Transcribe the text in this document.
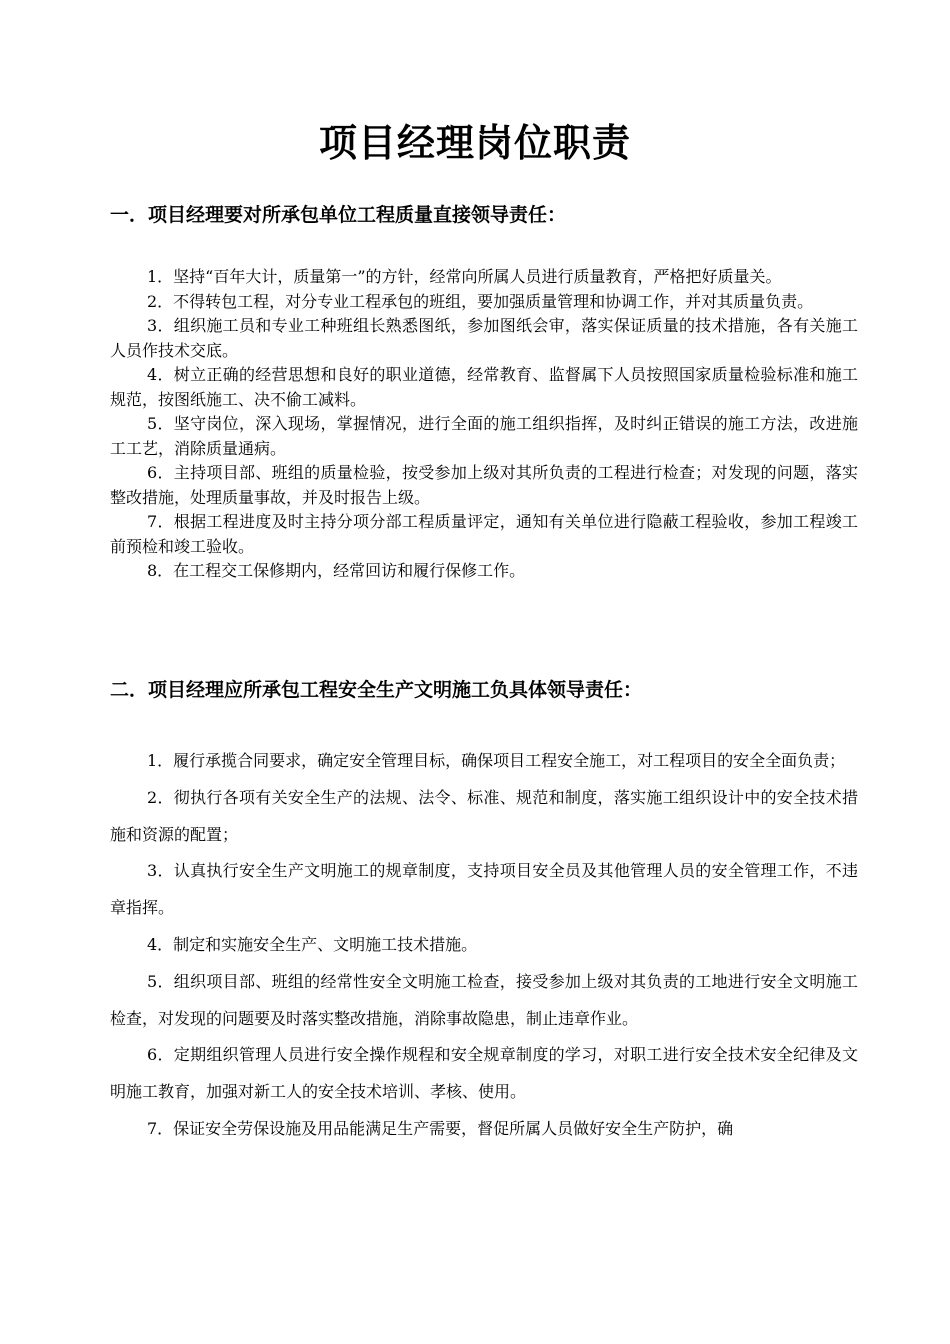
项目经理岗位职责
一．项目经理要对所承包单位工程质量直接领导责任：

1．坚持“百年大计，质量第一”的方针，经常向所属人员进行质量教育，严格把好质量关。

2．不得转包工程，对分专业工程承包的班组，要加强质量管理和协调工作，并对其质量负责。

3．组织施工员和专业工种班组长熟悉图纸，参加图纸会审，落实保证质量的技术措施，各有关施工人员作技术交底。

4．树立正确的经营思想和良好的职业道德，经常教育、监督属下人员按照国家质量检验标准和施工规范，按图纸施工、决不偷工减料。

5．坚守岗位，深入现场，掌握情况，进行全面的施工组织指挥，及时纠正错误的施工方法，改进施工工艺，消除质量通病。

6．主持项目部、班组的质量检验，按受参加上级对其所负责的工程进行检查；对发现的问题，落实整改措施，处理质量事故，并及时报告上级。

7．根据工程进度及时主持分项分部工程质量评定，通知有关单位进行隐蔽工程验收，参加工程竣工前预检和竣工验收。

8．在工程交工保修期内，经常回访和履行保修工作。

二．项目经理应所承包工程安全生产文明施工负具体领导责任：

1．履行承揽合同要求，确定安全管理目标，确保项目工程安全施工，对工程项目的安全全面负责；

2．彻执行各项有关安全生产的法规、法令、标准、规范和制度，落实施工组织设计中的安全技术措施和资源的配置；

3．认真执行安全生产文明施工的规章制度，支持项目安全员及其他管理人员的安全管理工作，不违章指挥。

4．制定和实施安全生产、文明施工技术措施。

5．组织项目部、班组的经常性安全文明施工检查，接受参加上级对其负责的工地进行安全文明施工检查，对发现的问题要及时落实整改措施，消除事故隐患，制止违章作业。

6．定期组织管理人员进行安全操作规程和安全规章制度的学习，对职工进行安全技术安全纪律及文明施工教育，加强对新工人的安全技术培训、孝核、使用。

7．保证安全劳保设施及用品能满足生产需要，督促所属人员做好安全生产防护，确
